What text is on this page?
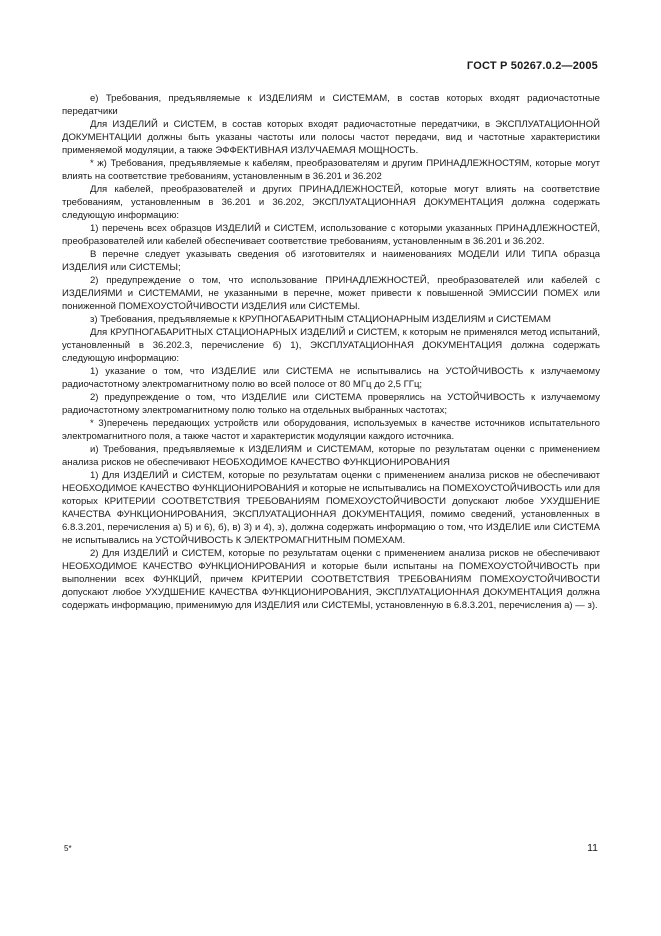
ГОСТ Р 50267.0.2—2005

е) Требования, предъявляемые к ИЗДЕЛИЯМ и СИСТЕМАМ, в состав которых входят радиочастотные передатчики

Для ИЗДЕЛИЙ и СИСТЕМ, в состав которых входят радиочастотные передатчики, в ЭКСПЛУАТАЦИОННОЙ ДОКУМЕНТАЦИИ должны быть указаны частоты или полосы частот передачи, вид и частотные характеристики применяемой модуляции, а также ЭФФЕКТИВНАЯ ИЗЛУЧАЕМАЯ МОЩНОСТЬ.

* ж) Требования, предъявляемые к кабелям, преобразователям и другим ПРИНАДЛЕЖНОСТЯМ, которые могут влиять на соответствие требованиям, установленным в 36.201 и 36.202

Для кабелей, преобразователей и других ПРИНАДЛЕЖНОСТЕЙ, которые могут влиять на соответствие требованиям, установленным в 36.201 и 36.202, ЭКСПЛУАТАЦИОННАЯ ДОКУМЕНТАЦИЯ должна содержать следующую информацию:

1) перечень всех образцов ИЗДЕЛИЙ и СИСТЕМ, использование с которыми указанных ПРИНАДЛЕЖНОСТЕЙ, преобразователей или кабелей обеспечивает соответствие требованиям, установленным в 36.201 и 36.202.

В перечне следует указывать сведения об изготовителях и наименованиях МОДЕЛИ ИЛИ ТИПА образца ИЗДЕЛИЯ или СИСТЕМЫ;

2) предупреждение о том, что использование ПРИНАДЛЕЖНОСТЕЙ, преобразователей или кабелей с ИЗДЕЛИЯМИ и СИСТЕМАМИ, не указанными в перечне, может привести к повышенной ЭМИССИИ ПОМЕХ или пониженной ПОМЕХОУСТОЙЧИВОСТИ ИЗДЕЛИЯ или СИСТЕМЫ.

з) Требования, предъявляемые к КРУПНОГАБАРИТНЫМ СТАЦИОНАРНЫМ ИЗДЕЛИЯМ и СИСТЕМАМ

Для КРУПНОГАБАРИТНЫХ СТАЦИОНАРНЫХ ИЗДЕЛИЙ и СИСТЕМ, к которым не применялся метод испытаний, установленный в 36.202.3, перечисление б) 1), ЭКСПЛУАТАЦИОННАЯ ДОКУМЕНТАЦИЯ должна содержать следующую информацию:

1) указание о том, что ИЗДЕЛИЕ или СИСТЕМА не испытывались на УСТОЙЧИВОСТЬ к излучаемому радиочастотному электромагнитному полю во всей полосе от 80 МГц до 2,5 ГГц;

2) предупреждение о том, что ИЗДЕЛИЕ или СИСТЕМА проверялись на УСТОЙЧИВОСТЬ к излучаемому радиочастотному электромагнитному полю только на отдельных выбранных частотах;

* 3)перечень передающих устройств или оборудования, используемых в качестве источников испытательного электромагнитного поля, а также частот и характеристик модуляции каждого источника.

и) Требования, предъявляемые к ИЗДЕЛИЯМ и СИСТЕМАМ, которые по результатам оценки с применением анализа рисков не обеспечивают НЕОБХОДИМОЕ КАЧЕСТВО ФУНКЦИОНИРОВАНИЯ

1) Для ИЗДЕЛИЙ и СИСТЕМ, которые по результатам оценки с применением анализа рисков не обеспечивают НЕОБХОДИМОЕ КАЧЕСТВО ФУНКЦИОНИРОВАНИЯ и которые не испытывались на ПОМЕХОУСТОЙЧИВОСТЬ или для которых КРИТЕРИИ СООТВЕТСТВИЯ ТРЕБОВАНИЯМ ПОМЕХОУСТОЙЧИВОСТИ допускают любое УХУДШЕНИЕ КАЧЕСТВА ФУНКЦИОНИРОВАНИЯ, ЭКСПЛУАТАЦИОННАЯ ДОКУМЕНТАЦИЯ, помимо сведений, установленных в 6.8.3.201, перечисления а) 5) и 6), б), в) 3) и 4), з), должна содержать информацию о том, что ИЗДЕЛИЕ или СИСТЕМА не испытывались на УСТОЙЧИВОСТЬ К ЭЛЕКТРОМАГНИТНЫМ ПОМЕХАМ.

2) Для ИЗДЕЛИЙ и СИСТЕМ, которые по результатам оценки с применением анализа рисков не обеспечивают НЕОБХОДИМОЕ КАЧЕСТВО ФУНКЦИОНИРОВАНИЯ и которые были испытаны на ПОМЕХОУСТОЙЧИВОСТЬ при выполнении всех ФУНКЦИЙ, причем КРИТЕРИИ СООТВЕТСТВИЯ ТРЕБОВАНИЯМ ПОМЕХОУСТОЙЧИВОСТИ допускают любое УХУДШЕНИЕ КАЧЕСТВА ФУНКЦИОНИРОВАНИЯ, ЭКСПЛУАТАЦИОННАЯ ДОКУМЕНТАЦИЯ должна содержать информацию, применимую для ИЗДЕЛИЯ или СИСТЕМЫ, установленную в 6.8.3.201, перечисления а) — з).

5*	11
